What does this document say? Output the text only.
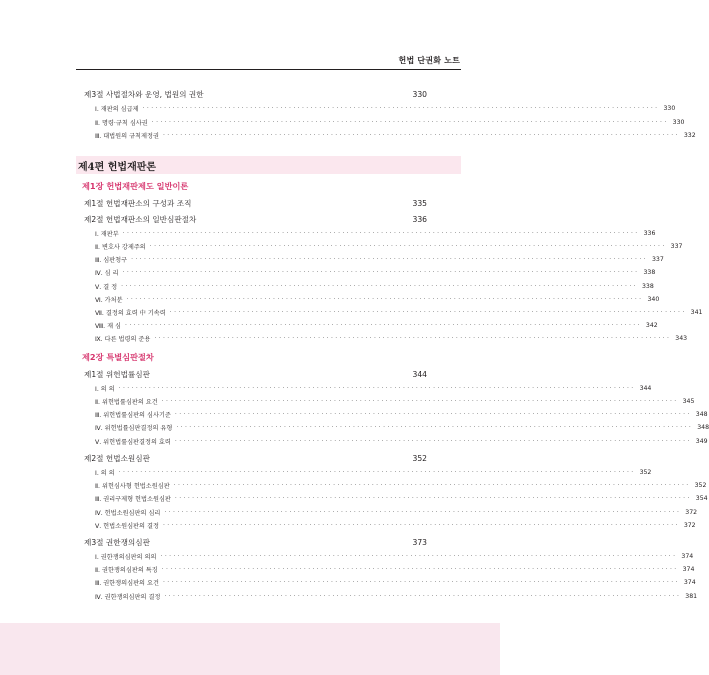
헌법 단권화 노트
제3절 사법절차와 운영, 법원의 권한	330
Ⅰ. 재판의 심급제 ························································································································ 330
Ⅱ. 명령·규칙 심사권 ························································································································ 330
Ⅲ. 대법원의 규칙제정권 ························································································································ 332
제4편 헌법재판론
제1장 헌법재판제도 일반이론
제1절 헌법재판소의 구성과 조직	335
제2절 헌법재판소의 일반심판절차	336
Ⅰ. 재판부 ························································································································ 336
Ⅱ. 변호사 강제주의 ························································································································ 337
Ⅲ. 심판청구 ························································································································ 337
Ⅳ. 심 리 ························································································································ 338
Ⅴ. 결 정 ························································································································ 338
Ⅵ. 가처분 ························································································································ 340
Ⅶ. 결정의 효력 中 기속력 ························································································································ 341
Ⅷ. 재 심 ························································································································ 342
Ⅸ. 다른 법령의 준용 ························································································································ 343
제2장 특별심판절차
제1절 위헌법률심판	344
Ⅰ. 의 의 ························································································································ 344
Ⅱ. 위헌법률심판의 요건 ························································································································ 345
Ⅲ. 위헌법률심판의 심사기준 ························································································································ 348
Ⅳ. 위헌법률심판결정의 유형 ························································································································ 348
Ⅴ. 위헌법률심판결정의 효력 ························································································································ 349
제2절 헌법소원심판	352
Ⅰ. 의 의 ························································································································ 352
Ⅱ. 위헌심사형 헌법소원심판 ························································································································ 352
Ⅲ. 권리구제형 헌법소원심판 ························································································································ 354
Ⅳ. 헌법소원심판의 심리 ························································································································ 372
Ⅴ. 헌법소원심판의 결정 ························································································································ 372
제3절 권한쟁의심판	373
Ⅰ. 권한쟁의심판의 의의 ························································································································ 374
Ⅱ. 권한쟁의심판의 특징 ························································································································ 374
Ⅲ. 권한쟁의심판의 요건 ························································································································ 374
Ⅳ. 권한쟁의심판의 결정 ························································································································ 381
